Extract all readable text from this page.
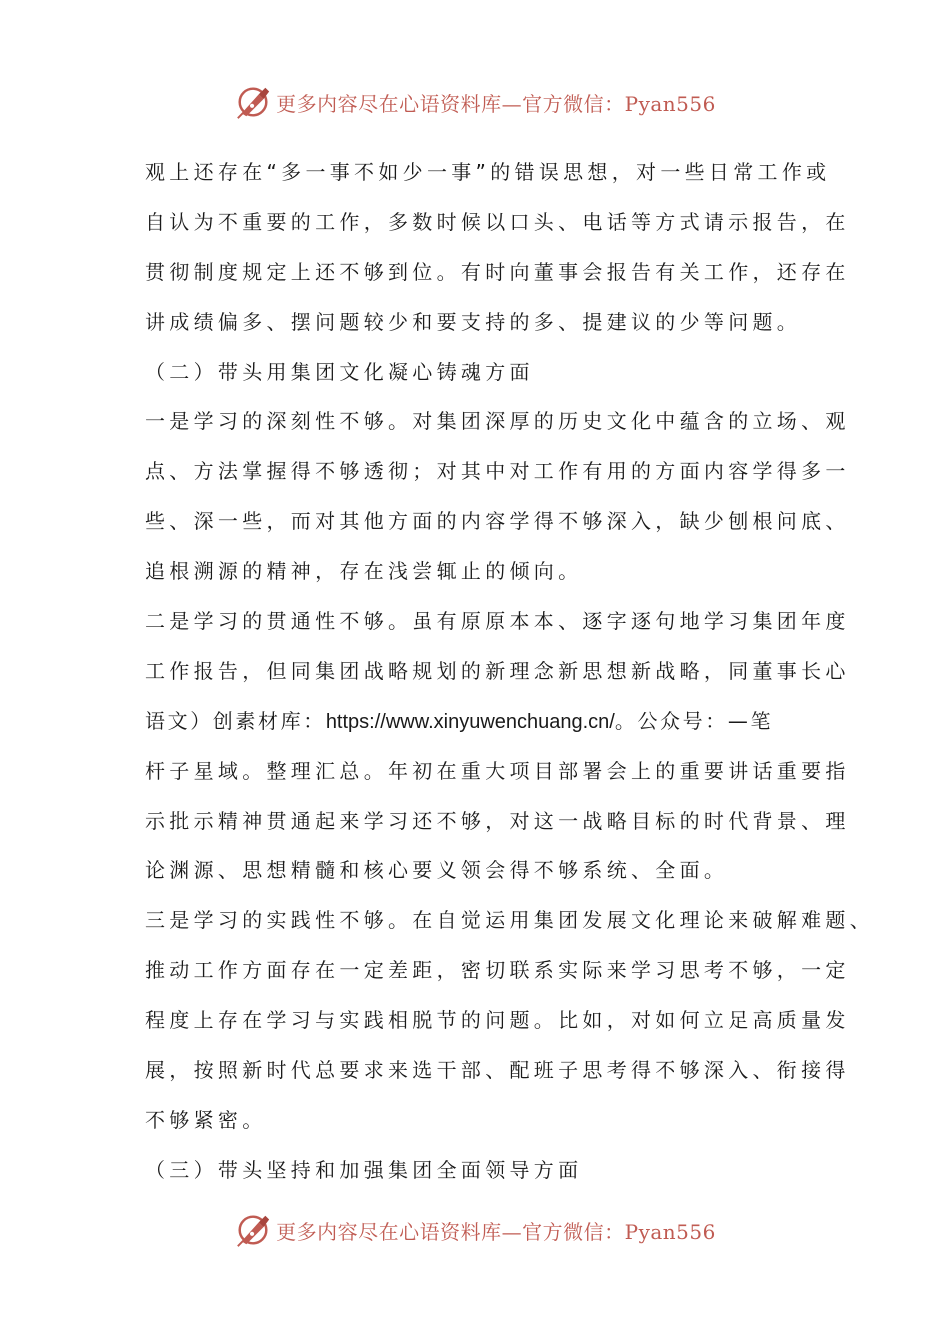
更多内容尽在心语资料库—官方微信：Pyan556
观上还存在“多一事不如少一事”的错误思想，对一些日常工作或
自认为不重要的工作，多数时候以口头、电话等方式请示报告，在
贯彻制度规定上还不够到位。有时向董事会报告有关工作，还存在
讲成绩偏多、摆问题较少和要支持的多、提建议的少等问题。
（二）带头用集团文化凝心铸魂方面
一是学习的深刻性不够。对集团深厚的历史文化中蕴含的立场、观
点、方法掌握得不够透彻；对其中对工作有用的方面内容学得多一
些、深一些，而对其他方面的内容学得不够深入，缺少刨根问底、
追根溯源的精神，存在浅尝辄止的倾向。
二是学习的贯通性不够。虽有原原本本、逐字逐句地学习集团年度
工作报告，但同集团战略规划的新理念新思想新战略，同董事长心
语文）创素材库：https://www.xinyuwenchuang.cn/。公众号：—笔
杆子星域。整理汇总。年初在重大项目部署会上的重要讲话重要指
示批示精神贯通起来学习还不够，对这一战略目标的时代背景、理
论渊源、思想精髓和核心要义领会得不够系统、全面。
三是学习的实践性不够。在自觉运用集团发展文化理论来破解难题、
推动工作方面存在一定差距，密切联系实际来学习思考不够，一定
程度上存在学习与实践相脱节的问题。比如，对如何立足高质量发
展，按照新时代总要求来选干部、配班子思考得不够深入、衔接得
不够紧密。
（三）带头坚持和加强集团全面领导方面
更多内容尽在心语资料库—官方微信：Pyan556
